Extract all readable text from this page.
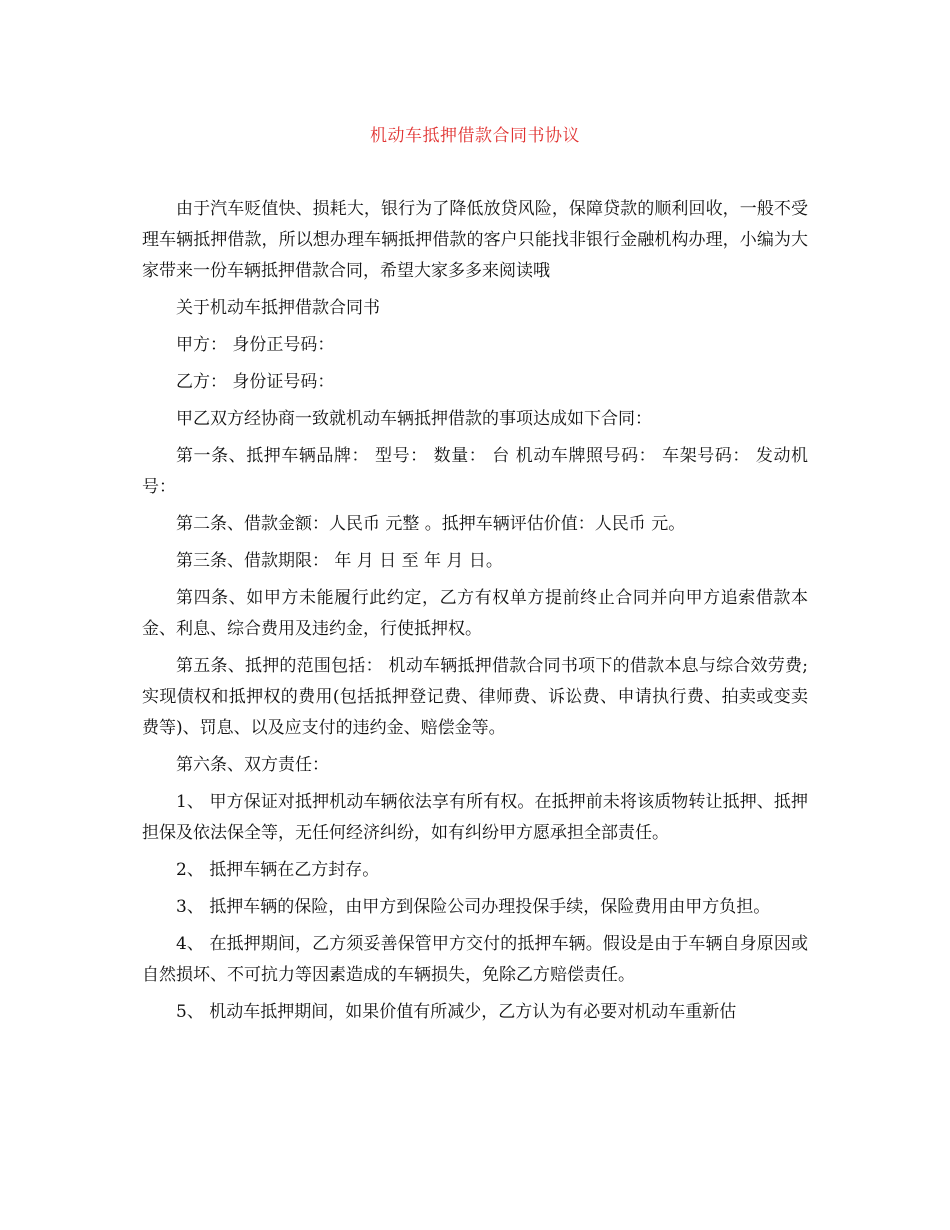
机动车抵押借款合同书协议

由于汽车贬值快、损耗大，银行为了降低放贷风险，保障贷款的顺利回收，一般不受理车辆抵押借款，所以想办理车辆抵押借款的客户只能找非银行金融机构办理，小编为大家带来一份车辆抵押借款合同，希望大家多多来阅读哦

关于机动车抵押借款合同书

甲方： 身份正号码：

乙方： 身份证号码：

甲乙双方经协商一致就机动车辆抵押借款的事项达成如下合同：

第一条、抵押车辆品牌： 型号： 数量： 台 机动车牌照号码： 车架号码： 发动机号：

第二条、借款金额：人民币 元整 。抵押车辆评估价值：人民币 元。

第三条、借款期限： 年 月 日 至 年 月 日。

第四条、如甲方未能履行此约定，乙方有权单方提前终止合同并向甲方追索借款本金、利息、综合费用及违约金，行使抵押权。

第五条、抵押的范围包括： 机动车辆抵押借款合同书项下的借款本息与综合效劳费;实现债权和抵押权的费用(包括抵押登记费、律师费、诉讼费、申请执行费、拍卖或变卖费等)、罚息、以及应支付的违约金、赔偿金等。

第六条、双方责任：

1、 甲方保证对抵押机动车辆依法享有所有权。在抵押前未将该质物转让抵押、抵押担保及依法保全等，无任何经济纠纷，如有纠纷甲方愿承担全部责任。

2、 抵押车辆在乙方封存。

3、 抵押车辆的保险，由甲方到保险公司办理投保手续，保险费用由甲方负担。

4、 在抵押期间，乙方须妥善保管甲方交付的抵押车辆。假设是由于车辆自身原因或自然损坏、不可抗力等因素造成的车辆损失，免除乙方赔偿责任。

5、 机动车抵押期间，如果价值有所减少，乙方认为有必要对机动车重新估
